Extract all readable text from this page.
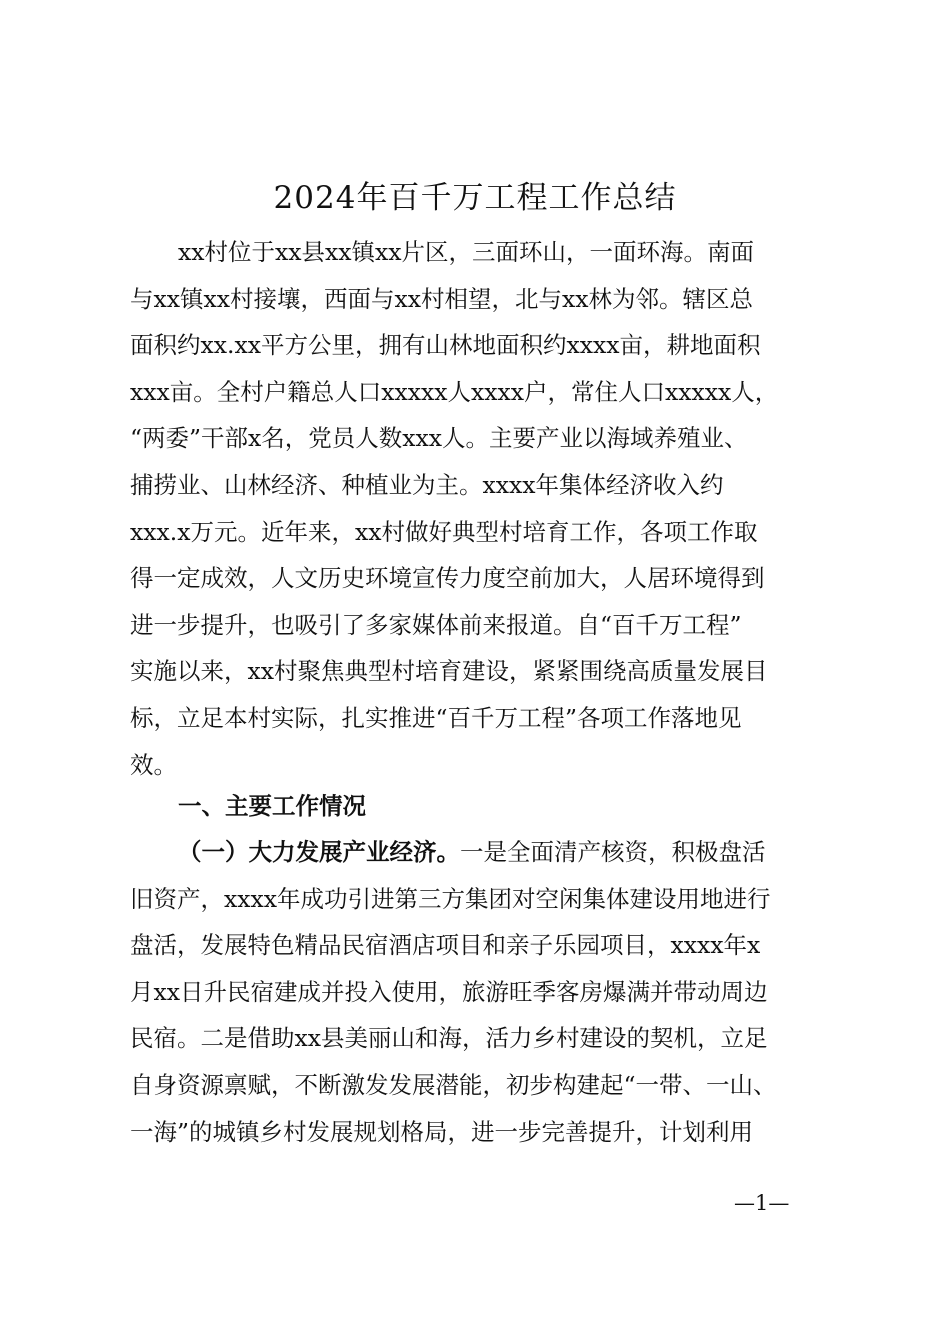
2024年百千万工程工作总结
xx村位于xx县xx镇xx片区，三面环山，一面环海。南面
与xx镇xx村接壤，西面与xx村相望，北与xx林为邻。辖区总
面积约xx.xx平方公里，拥有山林地面积约xxxx亩，耕地面积
xxx亩。全村户籍总人口xxxxx人xxxx户，常住人口xxxxx人，
“两委”干部x名，党员人数xxx人。主要产业以海域养殖业、
捕捞业、山林经济、种植业为主。xxxx年集体经济收入约
xxx.x万元。近年来，xx村做好典型村培育工作，各项工作取
得一定成效，人文历史环境宣传力度空前加大，人居环境得到
进一步提升，也吸引了多家媒体前来报道。自“百千万工程”
实施以来，xx村聚焦典型村培育建设，紧紧围绕高质量发展目
标，立足本村实际，扎实推进“百千万工程”各项工作落地见
效。
一、主要工作情况
（一）大力发展产业经济。一是全面清产核资，积极盘活
旧资产，xxxx年成功引进第三方集团对空闲集体建设用地进行
盘活，发展特色精品民宿酒店项目和亲子乐园项目，xxxx年x
月xx日升民宿建成并投入使用，旅游旺季客房爆满并带动周边
民宿。二是借助xx县美丽山和海，活力乡村建设的契机，立足
自身资源禀赋，不断激发发展潜能，初步构建起“一带、一山、
一海”的城镇乡村发展规划格局，进一步完善提升，计划利用
—1—
